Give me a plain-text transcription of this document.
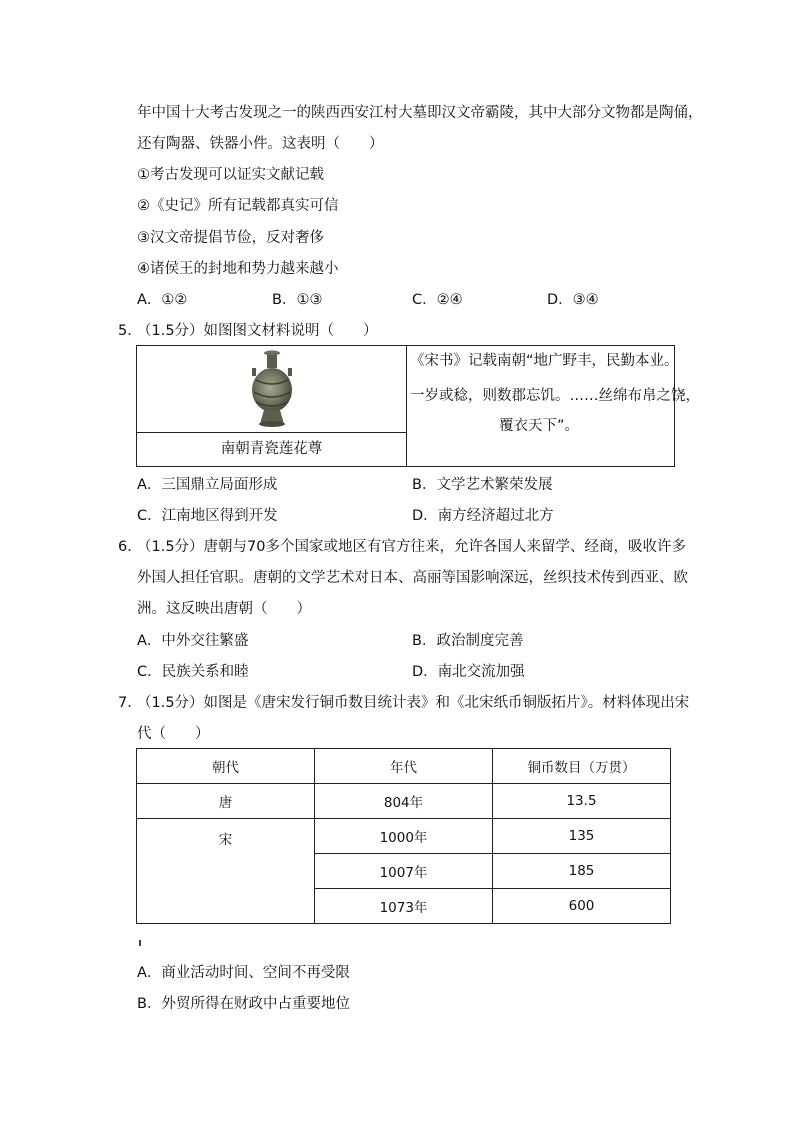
年中国十大考古发现之一的陕西西安江村大墓即汉文帝霸陵，其中大部分文物都是陶俑，
还有陶器、铁器小件。这表明（　　）
①考古发现可以证实文献记载
②《史记》所有记载都真实可信
③汉文帝提倡节俭，反对奢侈
④诸侯王的封地和势力越来越小
A．①②	B．①③	C．②④	D．③④
5．
（1.5分）如图图文材料说明（　　）
南朝青瓷莲花尊
《宋书》记载南朝“地广野丰，民勤本业。
一岁或稔，则数郡忘饥。……丝绵布帛之饶，
覆衣天下”。
A．三国鼎立局面形成	B．文学艺术繁荣发展
C．江南地区得到开发	D．南方经济超过北方
6．
（1.5分）唐朝与70多个国家或地区有官方往来，允许各国人来留学、经商，吸收许多
外国人担任官职。唐朝的文学艺术对日本、高丽等国影响深远，丝织技术传到西亚、欧
洲。这反映出唐朝（　　）
A．中外交往繁盛	B．政治制度完善
C．民族关系和睦	D．南北交流加强
7．
（1.5分）如图是《唐宋发行铜币数目统计表》和《北宋纸币铜版拓片》。材料体现出宋
代（　　）
朝代	年代	铜币数目（万贯）
唐	804年	13.5
宋	1000年	135
	1007年	185
	1073年	600
A．商业活动时间、空间不再受限
B．外贸所得在财政中占重要地位
